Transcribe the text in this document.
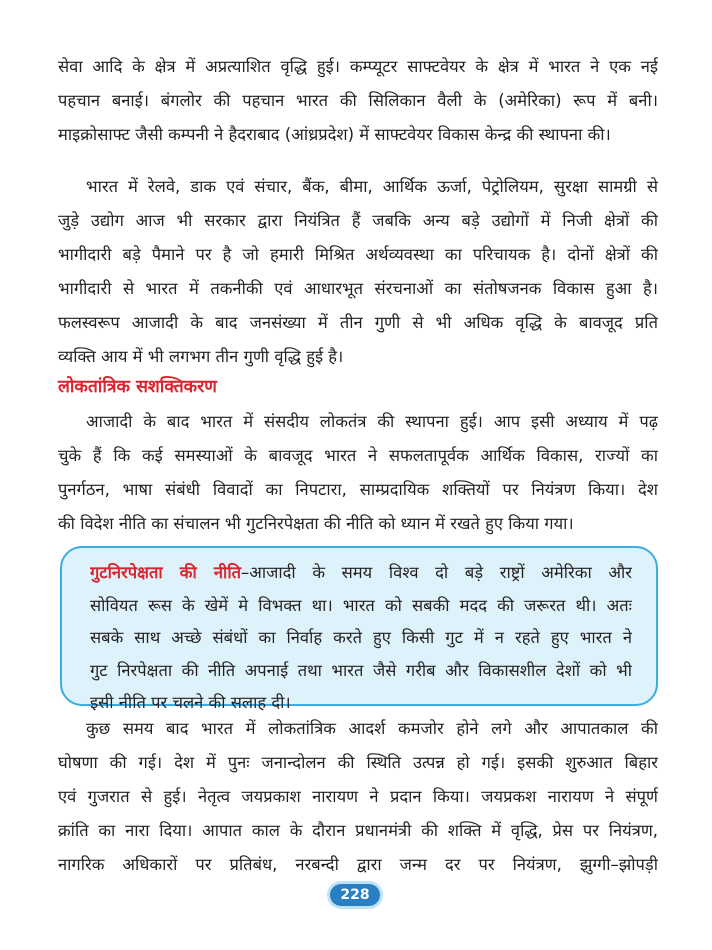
सेवा आदि के क्षेत्र में अप्रत्याशित वृद्धि हुई। कम्प्यूटर साफ्टवेयर के क्षेत्र में भारत ने एक नई
पहचान बनाई। बंगलोर की पहचान भारत की सिलिकान वैली के (अमेरिका) रूप में बनी।
माइक्रोसाफ्ट जैसी कम्पनी ने हैदराबाद (आंध्रप्रदेश) में साफ्टवेयर विकास केन्द्र की स्थापना की।
भारत में रेलवे, डाक एवं संचार, बैंक, बीमा, आर्थिक ऊर्जा, पेट्रोलियम, सुरक्षा सामग्री से
जुड़े उद्योग आज भी सरकार द्वारा नियंत्रित हैं जबकि अन्य बड़े उद्योगों में निजी क्षेत्रों की
भागीदारी बड़े पैमाने पर है जो हमारी मिश्रित अर्थव्यवस्था का परिचायक है। दोनों क्षेत्रों की
भागीदारी से भारत में तकनीकी एवं आधारभूत संरचनाओं का संतोषजनक विकास हुआ है।
फलस्वरूप आजादी के बाद जनसंख्या में तीन गुणी से भी अधिक वृद्धि के बावजूद प्रति
व्यक्ति आय में भी लगभग तीन गुणी वृद्धि हुई है।
लोकतांत्रिक सशक्तिकरण
आजादी के बाद भारत में संसदीय लोकतंत्र की स्थापना हुई। आप इसी अध्याय में पढ़
चुके हैं कि कई समस्याओं के बावजूद भारत ने सफलतापूर्वक आर्थिक विकास, राज्यों का
पुनर्गठन, भाषा संबंधी विवादों का निपटारा, साम्प्रदायिक शक्तियों पर नियंत्रण किया। देश
की विदेश नीति का संचालन भी गुटनिरपेक्षता की नीति को ध्यान में रखते हुए किया गया।
गुटनिरपेक्षता की नीति–आजादी के समय विश्व दो बड़े राष्ट्रों अमेरिका और
सोवियत रूस के खेमें मे विभक्त था। भारत को सबकी मदद की जरूरत थी। अतः
सबके साथ अच्छे संबंधों का निर्वाह करते हुए किसी गुट में न रहते हुए भारत ने
गुट निरपेक्षता की नीति अपनाई तथा भारत जैसे गरीब और विकासशील देशों को भी
इसी नीति पर चलने की सलाह दी।
कुछ समय बाद भारत में लोकतांत्रिक आदर्श कमजोर होने लगे और आपातकाल की
घोषणा की गई। देश में पुनः जनान्दोलन की स्थिति उत्पन्न हो गई। इसकी शुरुआत बिहार
एवं गुजरात से हुई। नेतृत्व जयप्रकाश नारायण ने प्रदान किया। जयप्रकश नारायण ने संपूर्ण
क्रांति का नारा दिया। आपात काल के दौरान प्रधानमंत्री की शक्ति में वृद्धि, प्रेस पर नियंत्रण,
नागरिक अधिकारों पर प्रतिबंध, नरबन्दी द्वारा जन्म दर पर नियंत्रण, झुग्गी–झोपड़ी
228
